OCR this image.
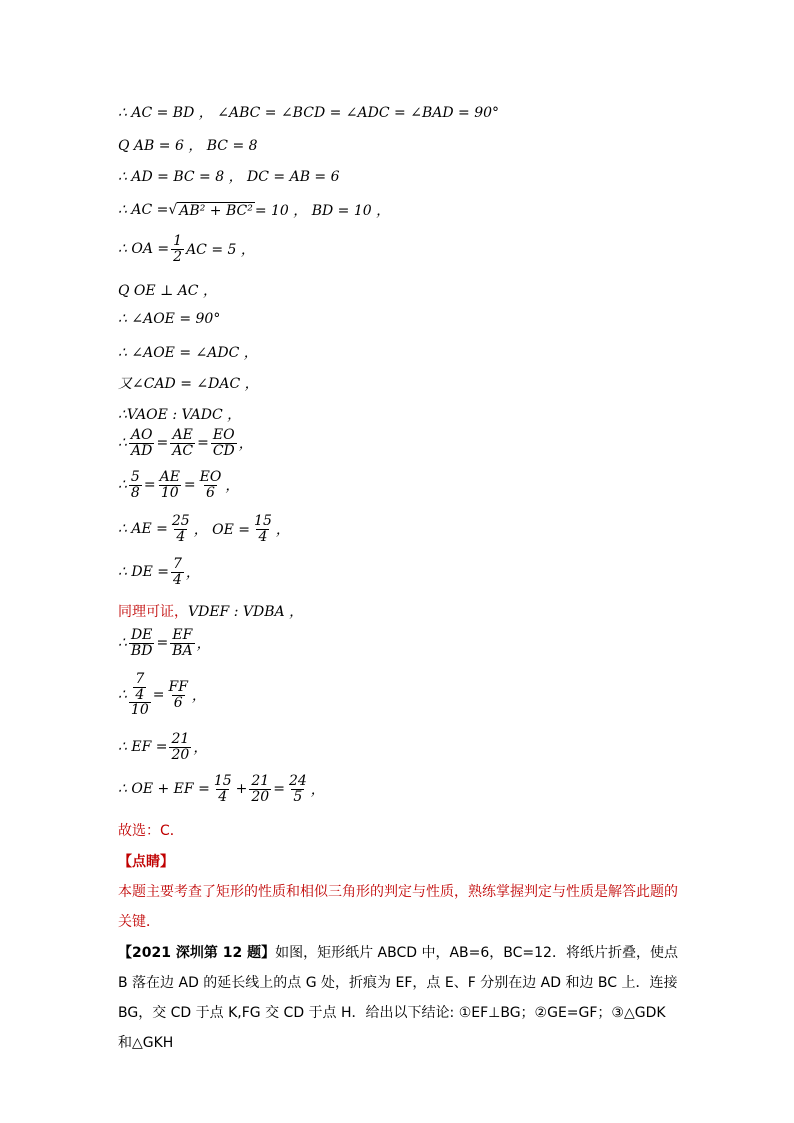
∴ AC = BD ， ∠ABC = ∠BCD = ∠ADC = ∠BAD = 90°
Q AB = 6 ， BC = 8
∴ AD = BC = 8 ， DC = AB = 6
∴ AC = √ AB² + BC² = 10 ， BD = 10 ，
∴ OA = $\frac{1}{2}$ AC = 5 ，
Q OE ⊥ AC ，
∴ ∠AOE = 90°
∴ ∠AOE = ∠ADC ，
又∠CAD = ∠DAC ，
∴VAOE : VADC ，
∴ $\frac{AO}{AD} = \frac{AE}{AC} = \frac{EO}{CD}$ ，
∴ $\frac{5}{8} = \frac{AE}{10} = \frac{EO}{6}$ ，
∴ AE = $\frac{25}{4}$ ， OE = $\frac{15}{4}$ ，
∴ DE = $\frac{7}{4}$ ，
同理可证， VDEF : VDBA ，
∴ $\frac{DE}{BD} = \frac{EF}{BA}$ ，
∴ $\frac{\frac{7}{4}}{10} = \frac{FF}{6}$ ，
∴ EF = $\frac{21}{20}$ ，
∴ OE + EF = $\frac{15}{4} + \frac{21}{20} = \frac{24}{5}$ ，
故选：C．
【点睛】
本题主要考查了矩形的性质和相似三角形的判定与性质，熟练掌握判定与性质是解答此题的关键．
【2021 深圳第 12 题】如图，矩形纸片 ABCD 中，AB=6，BC=12．将纸片折叠，使点 B 落在边 AD 的延长线上的点 G 处，折痕为 EF，点 E、F 分别在边 AD 和边 BC 上．连接 BG，交 CD 于点 K,FG 交 CD 于点 H．给出以下结论: ①EF⊥BG；②GE=GF；③△GDK 和△GKH
